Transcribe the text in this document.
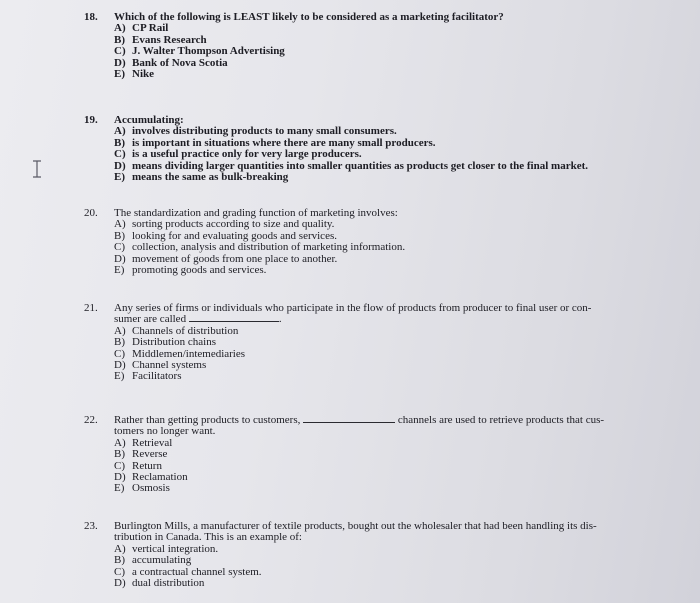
18.	Which of the following is LEAST likely to be considered as a marketing facilitator?
A) CP Rail
B) Evans Research
C) J. Walter Thompson Advertising
D) Bank of Nova Scotia
E) Nike
19.	Accumulating:
A) involves distributing products to many small consumers.
B) is important in situations where there are many small producers.
C) is a useful practice only for very large producers.
D) means dividing larger quantities into smaller quantities as products get closer to the final market.
E) means the same as bulk-breaking
20.	The standardization and grading function of marketing involves:
A) sorting products according to size and quality.
B) looking for and evaluating goods and services.
C) collection, analysis and distribution of marketing information.
D) movement of goods from one place to another.
E) promoting goods and services.
21.	Any series of firms or individuals who participate in the flow of products from producer to final user or con-
sumer are called	.
A) Channels of distribution
B) Distribution chains
C) Middlemen/intemediaries
D) Channel systems
E) Facilitators
22.	Rather than getting products to customers,	channels are used to retrieve products that cus-
tomers no longer want.
A) Retrieval
B) Reverse
C) Return
D) Reclamation
E) Osmosis
23.	Burlington Mills, a manufacturer of textile products, bought out the wholesaler that had been handling its dis-
tribution in Canada. This is an example of:
A) vertical integration.
B) accumulating
C) a contractual channel system.
D) dual distribution
